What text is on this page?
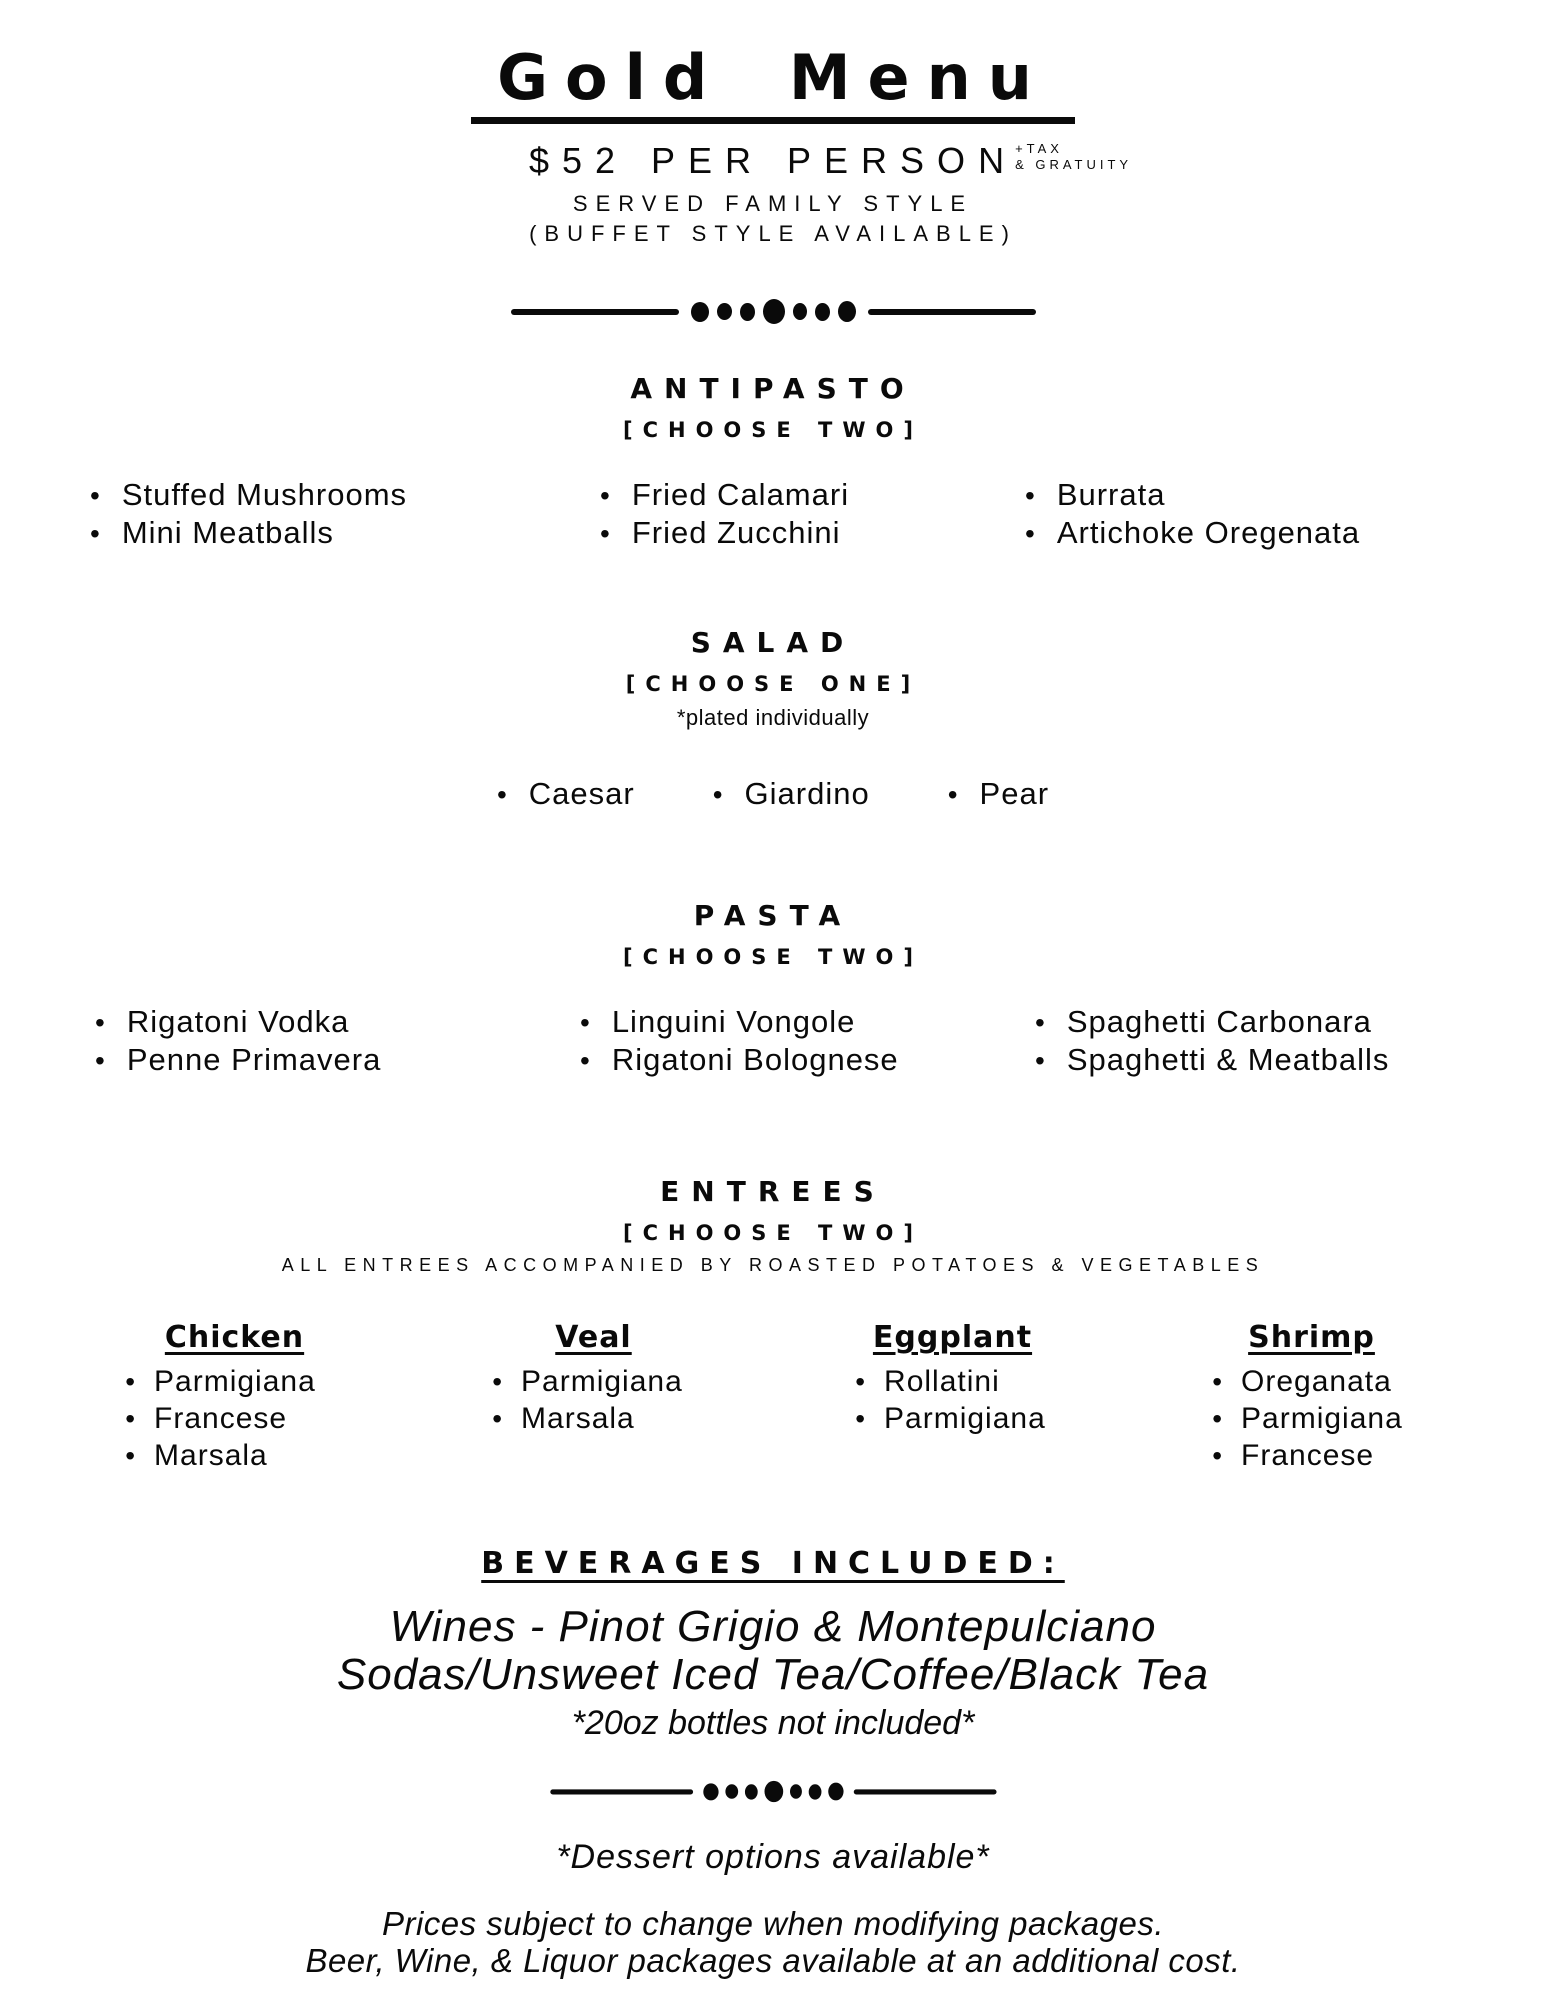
Gold Menu
$52 PER PERSON
+TAX
& GRATUITY
SERVED FAMILY STYLE
(BUFFET STYLE AVAILABLE)
ANTIPASTO
[CHOOSE TWO]
• Stuffed Mushrooms
• Mini Meatballs
• Fried Calamari
• Fried Zucchini
• Burrata
• Artichoke Oregenata
SALAD
[CHOOSE ONE]
*plated individually
• Caesar	• Giardino	• Pear
PASTA
[CHOOSE TWO]
• Rigatoni Vodka
• Penne Primavera
• Linguini Vongole
• Rigatoni Bolognese
• Spaghetti Carbonara
• Spaghetti & Meatballs
ENTREES
[CHOOSE TWO]
ALL ENTREES ACCOMPANIED BY ROASTED POTATOES & VEGETABLES
Chicken
• Parmigiana
• Francese
• Marsala
Veal
• Parmigiana
• Marsala
Eggplant
• Rollatini
• Parmigiana
Shrimp
• Oreganata
• Parmigiana
• Francese
BEVERAGES INCLUDED:
Wines - Pinot Grigio & Montepulciano
Sodas/Unsweet Iced Tea/Coffee/Black Tea
*20oz bottles not included*
*Dessert options available*
Prices subject to change when modifying packages.
Beer, Wine, & Liquor packages available at an additional cost.
